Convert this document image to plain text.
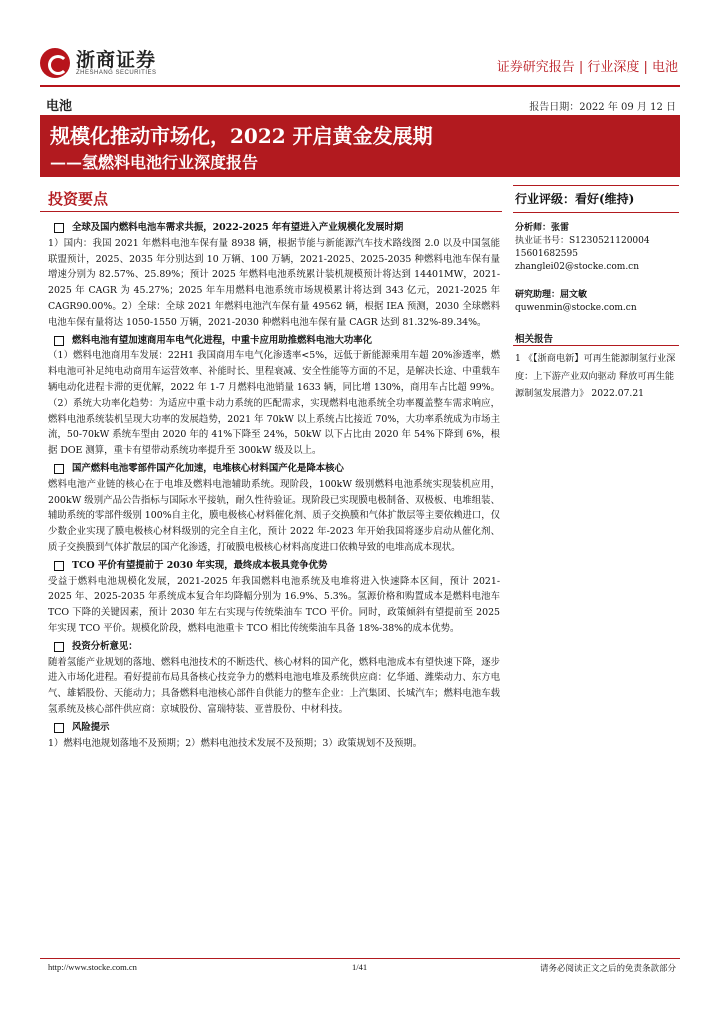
浙商证券
ZHESHANG SECURITIES	证券研究报告 | 行业深度 | 电池
电池	报告日期：2022 年 09 月 12 日
规模化推动市场化，2022 开启黄金发展期
——氢燃料电池行业深度报告
投资要点
全球及国内燃料电池车需求共振，2022-2025 年有望进入产业规模化发展时期

1）国内：我国 2021 年燃料电池车保有量 8938 辆，根据节能与新能源汽车技术路线图 2.0 以及中国氢能联盟预计，2025、2035 年分别达到 10 万辆、100 万辆，2021-2025、2025-2035 种燃料电池车保有量增速分别为 82.57%、25.89%；预计 2025 年燃料电池系统累计装机规模预计将达到 14401MW，2021-2025 年 CAGR 为 45.27%；2025 年车用燃料电池系统市场规模累计将达到 343 亿元，2021-2025 年 CAGR90.00%。2）全球：全球 2021 年燃料电池汽车保有量 49562 辆，根据 IEA 预测，2030 全球燃料电池车保有量将达 1050-1550 万辆，2021-2030 种燃料电池车保有量 CAGR 达到 81.32%-89.34%。

燃料电池有望加速商用车电气化进程，中重卡应用助推燃料电池大功率化

（1）燃料电池商用车发展：22H1 我国商用车电气化渗透率<5%，远低于新能源乘用车超 20%渗透率，燃料电池可补足纯电动商用车运营效率、补能时长、里程衰减、安全性能等方面的不足，是解决长途、中重载车辆电动化进程卡滞的更优解，2022 年 1-7 月燃料电池销量 1633 辆，同比增 130%，商用车占比超 99%。（2）系统大功率化趋势：为适应中重卡动力系统的匹配需求，实现燃料电池系统全功率覆盖整车需求响应，燃料电池系统装机呈现大功率的发展趋势，2021 年 70kW 以上系统占比接近 70%，大功率系统成为市场主流，50-70kW 系统车型由 2020 年的 41%下降至 24%，50kW 以下占比由 2020 年 54%下降到 6%，根据 DOE 测算，重卡有望带动系统功率提升至 300kW 级及以上。

国产燃料电池零部件国产化加速，电堆核心材料国产化是降本核心

燃料电池产业链的核心在于电堆及燃料电池辅助系统。现阶段，100kW 级别燃料电池系统实现装机应用，200kW 级别产品公告指标与国际水平接轨，耐久性待验证。现阶段已实现膜电极制备、双极板、电堆组装、辅助系统的零部件级别 100%自主化，膜电极核心材料催化剂、质子交换膜和气体扩散层等主要依赖进口，仅少数企业实现了膜电极核心材料级别的完全自主化，预计 2022 年-2023 年开始我国将逐步启动从催化剂、质子交换膜到气体扩散层的国产化渗透，打破膜电极核心材料高度进口依赖导致的电堆高成本现状。

TCO 平价有望提前于 2030 年实现，最终成本极具竞争优势

受益于燃料电池规模化发展，2021-2025 年我国燃料电池系统及电堆将进入快速降本区间，预计 2021-2025 年、2025-2035 年系统成本复合年均降幅分别为 16.9%、5.3%。氢源价格和购置成本是燃料电池车 TCO 下降的关键因素，预计 2030 年左右实现与传统柴油车 TCO 平价。同时，政策倾斜有望提前至 2025 年实现 TCO 平价。规模化阶段，燃料电池重卡 TCO 相比传统柴油车具备 18%-38%的成本优势。

投资分析意见：

随着氢能产业规划的落地、燃料电池技术的不断迭代、核心材料的国产化，燃料电池成本有望快速下降，逐步进入市场化进程。看好提前布局具备核心技竞争力的燃料电池电堆及系统供应商：亿华通、潍柴动力、东方电气、雄韬股份、天能动力；具备燃料电池核心部件自供能力的整车企业：上汽集团、长城汽车；燃料电池车载氢系统及核心部件供应商：京城股份、富瑞特装、亚普股份、中材科技。

风险提示

1）燃料电池规划落地不及预期；2）燃料电池技术发展不及预期；3）政策规划不及预期。

行业评级：看好(维持)
分析师：张雷
执业证书号：S1230521120004
15601682595
zhanglei02@stocke.com.cn
研究助理：屈文敏
quwenmin@stocke.com.cn
相关报告
1 《【浙商电新】可再生能源制氢行业深度：上下游产业双向驱动 释放可再生能源制氢发展潜力》 2022.07.21
http://www.stocke.com.cn	1/41	请务必阅读正文之后的免责条款部分
